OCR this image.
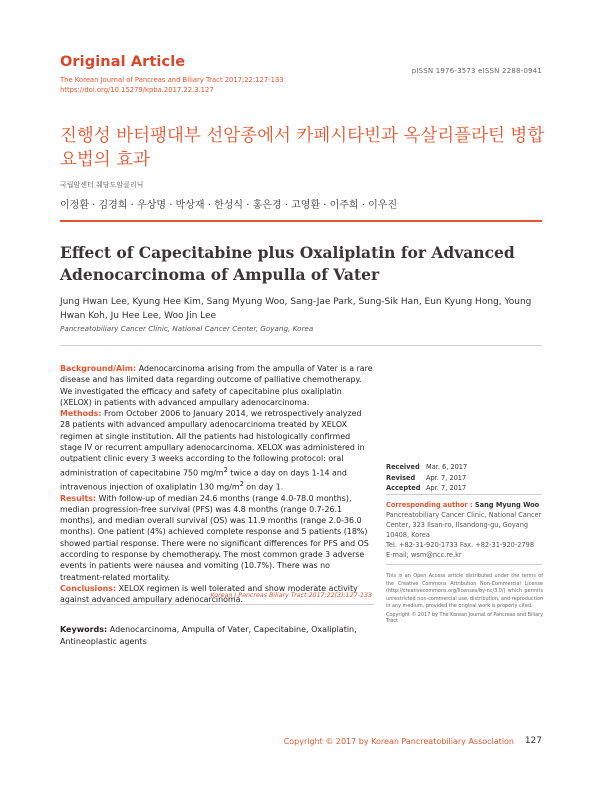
Original Article
The Korean Journal of Pancreas and Biliary Tract 2017;22:127-133
https://doi.org/10.15279/kpba.2017.22.3.127
pISSN 1976-3573 eISSN 2288-0941
진행성 바터팽대부 선암종에서 카페시타빈과 옥살리플라틴 병합요법의 효과
국립암센터 췌담도암클리닉
이정환 · 김경희 · 우상명 · 박상재 · 한성식 · 홍은경 · 고영환 · 이주희 · 이우진
Effect of Capecitabine plus Oxaliplatin for Advanced Adenocarcinoma of Ampulla of Vater
Jung Hwan Lee, Kyung Hee Kim, Sang Myung Woo, Sang-Jae Park, Sung-Sik Han, Eun Kyung Hong, Young Hwan Koh, Ju Hee Lee, Woo Jin Lee
Pancreatobiliary Cancer Clinic, National Cancer Center, Goyang, Korea

Background/Aim: Adenocarcinoma arising from the ampulla of Vater is a rare disease and has limited data regarding outcome of palliative chemotherapy. We investigated the efficacy and safety of capecitabine plus oxaliplatin (XELOX) in patients with advanced ampullary adenocarcinoma.

Methods: From October 2006 to January 2014, we retrospectively analyzed 28 patients with advanced ampullary adenocarcinoma treated by XELOX regimen at single institution. All the patients had histologically confirmed stage IV or recurrent ampullary adenocarcinoma. XELOX was administered in outpatient clinic every 3 weeks according to the following protocol: oral administration of capecitabine 750 $mg/m^2$ twice a day on days 1-14 and intravenous injection of oxaliplatin 130 $mg/m^2$ on day 1.

Results: With follow-up of median 24.6 months (range 4.0-78.0 months), median progression-free survival (PFS) was 4.8 months (range 0.7-26.1 months), and median overall survival (OS) was 11.9 months (range 2.0-36.0 months). One patient (4%) achieved complete response and 5 patients (18%) showed partial response. There were no significant differences for PFS and OS according to response by chemotherapy. The most common grade 3 adverse events in patients were nausea and vomiting (10.7%). There was no treatment-related mortality.

Conclusions: XELOX regimen is well tolerated and show moderate activity against advanced ampullary adenocarcinoma.

Korean J Pancreas Biliary Tract 2017;22(3):127-133
Keywords: Adenocarcinoma, Ampulla of Vater, Capecitabine, Oxaliplatin, Antineoplastic agents
Received Mar. 6, 2017
Revised	Apr. 7, 2017
Accepted Apr. 7, 2017
Corresponding author : Sang Myung Woo
Pancreatobiliary Cancer Clinic, National Cancer Center, 323 Ilsan-ro, Ilsandong-gu, Goyang 10408, Korea
Tel. +82-31-920-1733 Fax. +82-31-920-2798
E-mail; wsm@ncc.re.kr
This is an Open Access article distributed under the terms of the Creative Commons Attribution Non-Commercial License (http://creativecommons.org/licenses/by-nc/3.0/) which permits unrestricted non-commercial use, distribution, and reproduction in any medium, provided the original work is properly cited.
Copyright © 2017 by The Korean Journal of Pancreas and Biliary Tract
Copyright © 2017 by Korean Pancreatobiliary Association 127
